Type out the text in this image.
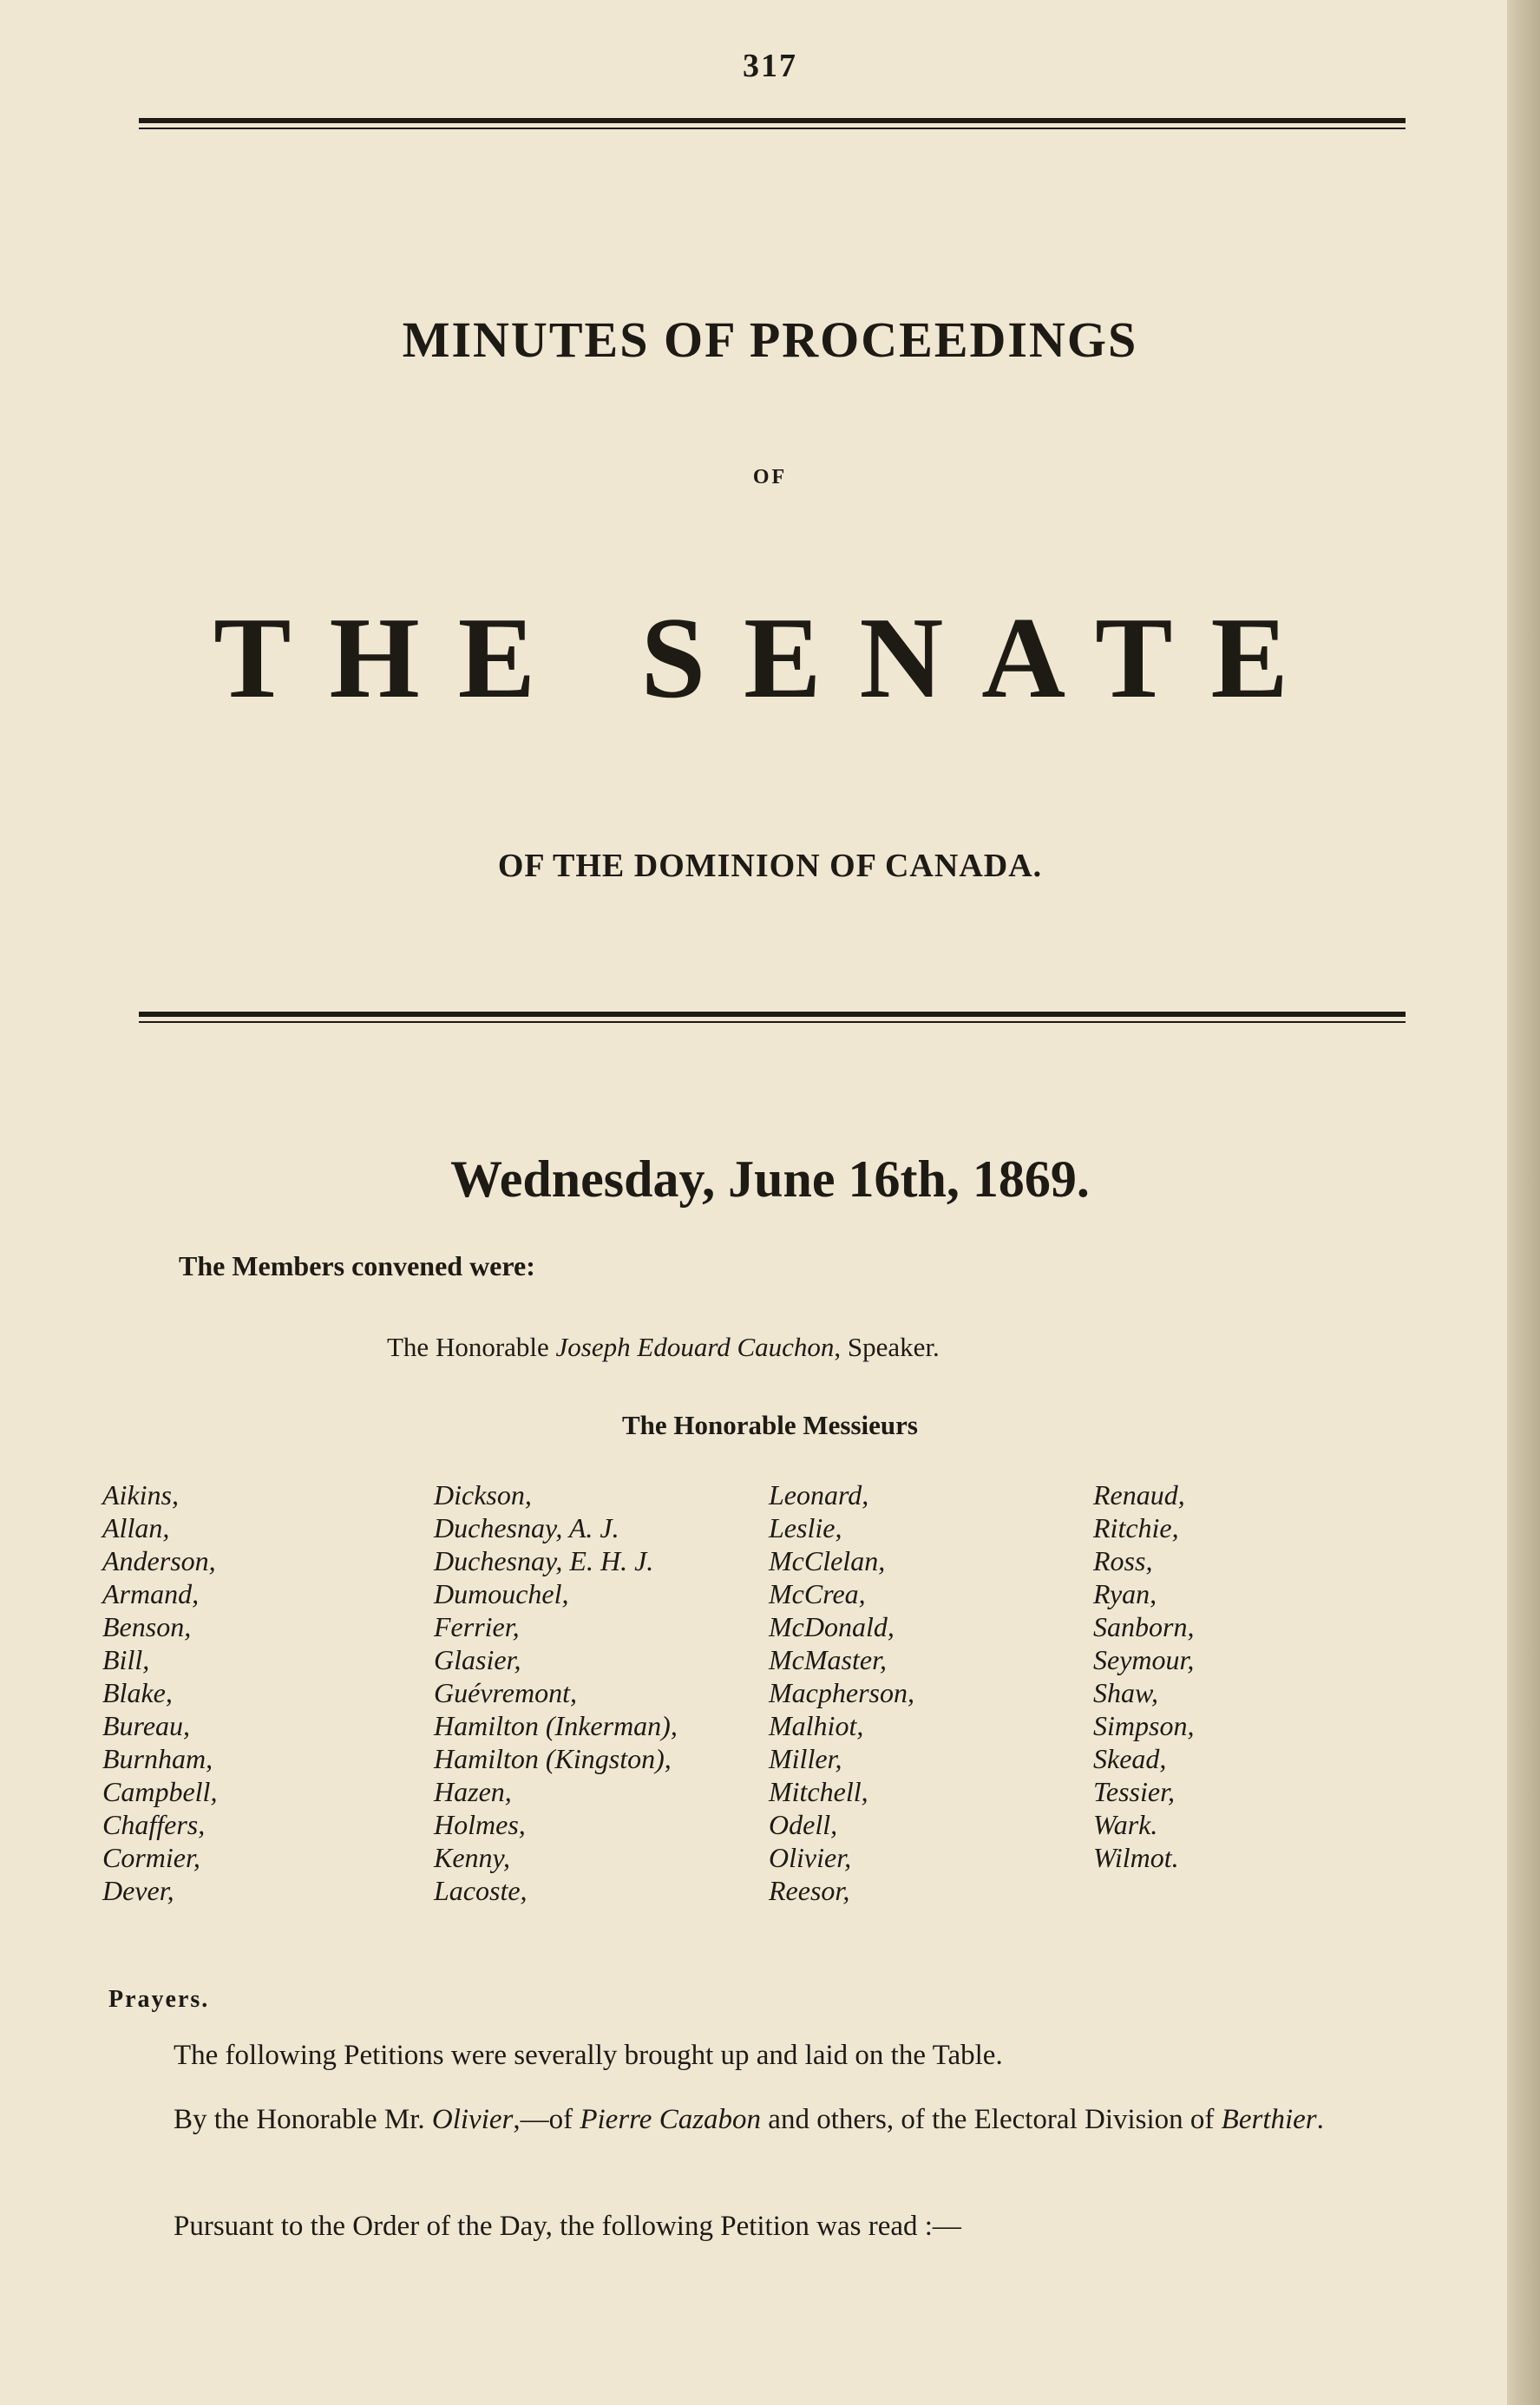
317
MINUTES OF PROCEEDINGS
OF
THE SENATE
OF THE DOMINION OF CANADA.
Wednesday, June 16th, 1869.
The Members convened were:
The Honorable Joseph Edouard Cauchon, Speaker.
The Honorable Messieurs
Aikins,
Allan,
Anderson,
Armand,
Benson,
Bill,
Blake,
Bureau,
Burnham,
Campbell,
Chaffers,
Cormier,
Dever,
Dickson,
Duchesnay, A. J.
Duchesnay, E. H. J.
Dumouchel,
Ferrier,
Glasier,
Guévremont,
Hamilton (Inkerman),
Hamilton (Kingston),
Hazen,
Holmes,
Kenny,
Lacoste,
Leonard,
Leslie,
McClelan,
McCrea,
McDonald,
McMaster,
Macpherson,
Malhiot,
Miller,
Mitchell,
Odell,
Olivier,
Reesor,
Renaud,
Ritchie,
Ross,
Ryan,
Sanborn,
Seymour,
Shaw,
Simpson,
Skead,
Tessier,
Wark.
Wilmot.
Prayers.
The following Petitions were severally brought up and laid on the Table.
By the Honorable Mr. Olivier,—of Pierre Cazabon and others, of the Electoral Division of Berthier.
Pursuant to the Order of the Day, the following Petition was read :—
